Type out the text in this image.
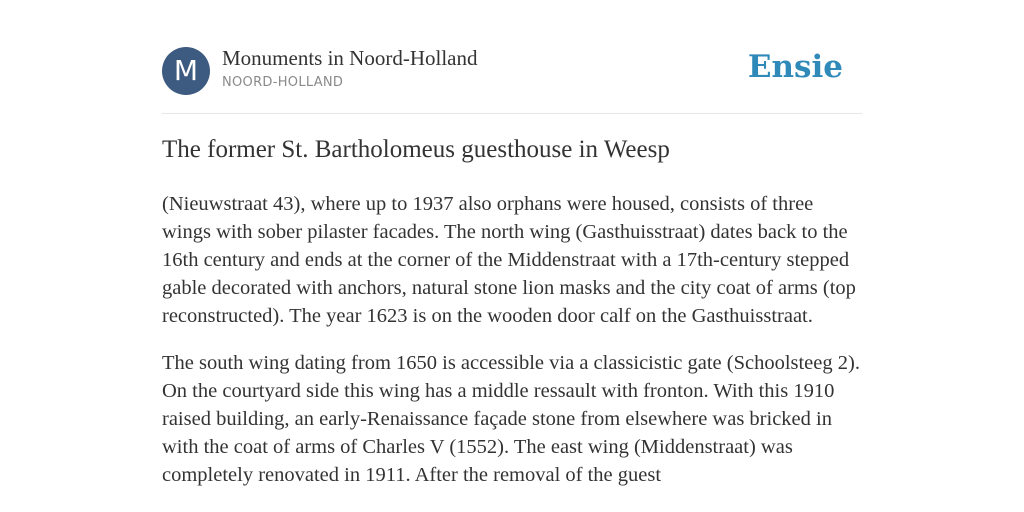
M	Monuments in Noord-Holland
NOORD-HOLLAND	Ensie
The former St. Bartholomeus guesthouse in Weesp

(Nieuwstraat 43), where up to 1937 also orphans were housed, consists of three wings with sober pilaster facades. The north wing (Gasthuisstraat) dates back to the 16th century and ends at the corner of the Middenstraat with a 17th-century stepped gable decorated with anchors, natural stone lion masks and the city coat of arms (top reconstructed). The year 1623 is on the wooden door calf on the Gasthuisstraat.

The south wing dating from 1650 is accessible via a classicistic gate (Schoolsteeg 2). On the courtyard side this wing has a middle ressault with fronton. With this 1910 raised building, an early-Renaissance façade stone from elsewhere was bricked in with the coat of arms of Charles V (1552). The east wing (Middenstraat) was completely renovated in 1911. After the removal of the guest
